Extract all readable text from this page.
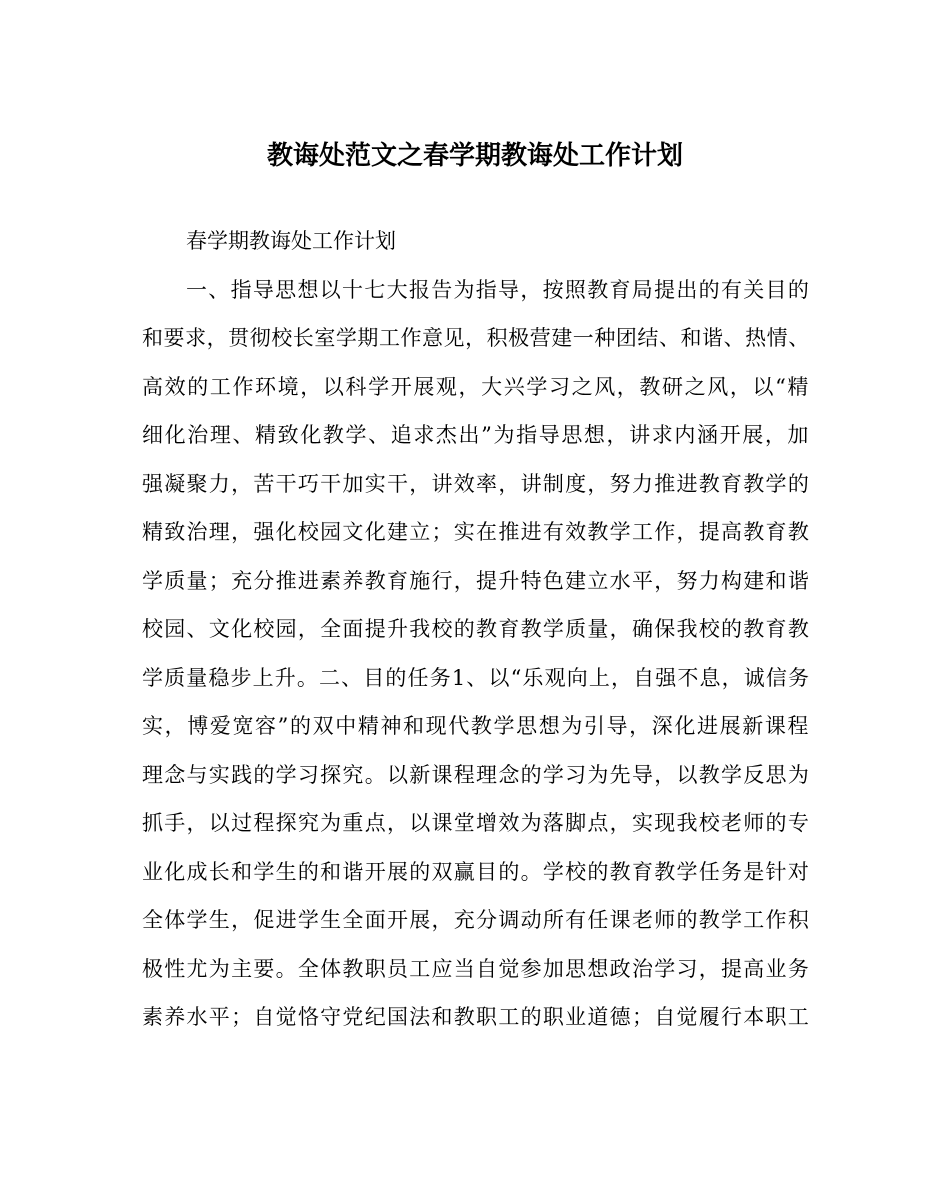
教诲处范文之春学期教诲处工作计划
春学期教诲处工作计划
一、指导思想以十七大报告为指导，按照教育局提出的有关目的
和要求，贯彻校长室学期工作意见，积极营建一种团结、和谐、热情、
高效的工作环境，以科学开展观，大兴学习之风，教研之风，以“精
细化治理、精致化教学、追求杰出”为指导思想，讲求内涵开展，加
强凝聚力，苦干巧干加实干，讲效率，讲制度，努力推进教育教学的
精致治理，强化校园文化建立；实在推进有效教学工作，提高教育教
学质量；充分推进素养教育施行，提升特色建立水平，努力构建和谐
校园、文化校园，全面提升我校的教育教学质量，确保我校的教育教
学质量稳步上升。二、目的任务1、以“乐观向上，自强不息，诚信务
实，博爱宽容”的双中精神和现代教学思想为引导，深化进展新课程
理念与实践的学习探究。以新课程理念的学习为先导，以教学反思为
抓手，以过程探究为重点，以课堂增效为落脚点，实现我校老师的专
业化成长和学生的和谐开展的双赢目的。学校的教育教学任务是针对
全体学生，促进学生全面开展，充分调动所有任课老师的教学工作积
极性尤为主要。全体教职员工应当自觉参加思想政治学习，提高业务
素养水平；自觉恪守党纪国法和教职工的职业道德；自觉履行本职工
